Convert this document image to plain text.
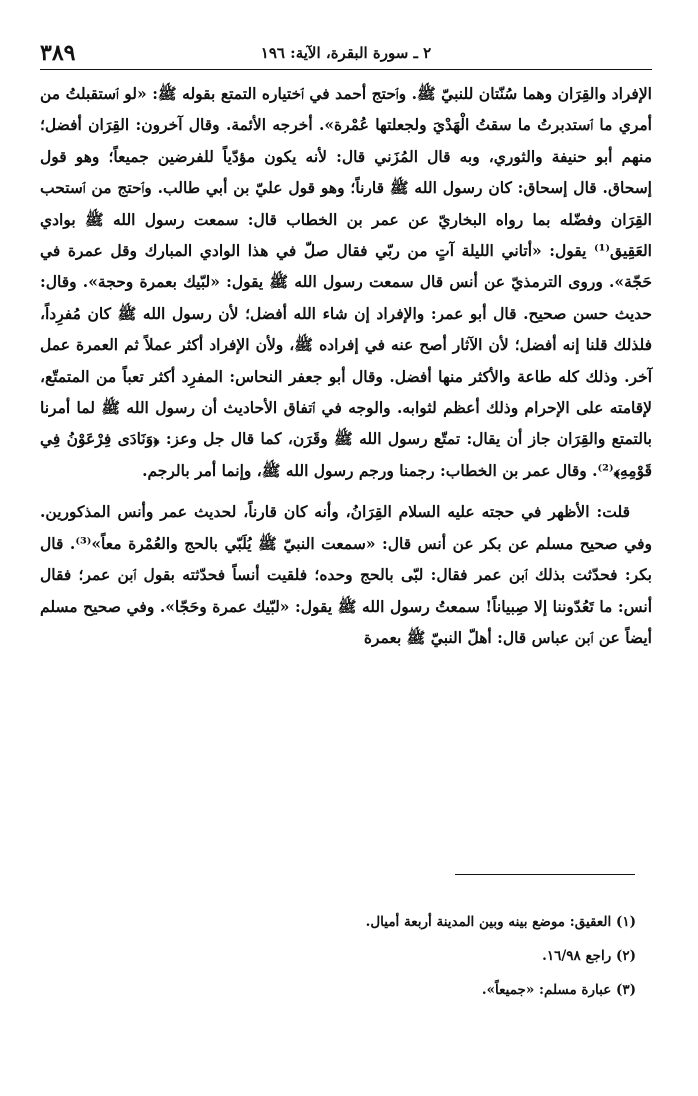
٢ ـ سورة البقرة، الآية: ١٩٦
٣٨٩

الإفراد والقِرَان وهما سُنّتان للنبيّ ﷺ. وٱحتج أحمد في ٱختياره التمتع بقوله ﷺ: «لو ٱستقبلتُ من أمري ما ٱستدبرتُ ما سقتُ الْهَدْيَ ولجعلتها عُمْرة». أخرجه الأئمة. وقال آخرون: القِرَان أفضل؛ منهم أبو حنيفة والثوري، وبه قال المُزَني قال: لأنه يكون مؤدّياً للفرضين جميعاً؛ وهو قول إسحاق. قال إسحاق: كان رسول الله ﷺ قارناً؛ وهو قول عليّ بن أبي طالب. وٱحتج من ٱستحب القِرَان وفضّله بما رواه البخاريّ عن عمر بن الخطاب قال: سمعت رسول الله ﷺ بوادي العَقِيق⁽¹⁾ يقول: «أتاني الليلة آتٍ من ربّي فقال صلّ في هذا الوادي المبارك وقل عمرة في حَجّة». وروى الترمذيّ عن أنس قال سمعت رسول الله ﷺ يقول: «لبّيك بعمرة وحجة». وقال: حديث حسن صحيح. قال أبو عمر: والإفراد إن شاء الله أفضل؛ لأن رسول الله ﷺ كان مُفرِداً، فلذلك قلنا إنه أفضل؛ لأن الآثار أصح عنه في إفراده ﷺ، ولأن الإفراد أكثر عملاً ثم العمرة عمل آخر. وذلك كله طاعة والأكثر منها أفضل. وقال أبو جعفر النحاس: المفرِد أكثر تعباً من المتمتّع، لإقامته على الإحرام وذلك أعظم لثوابه. والوجه في ٱتفاق الأحاديث أن رسول الله ﷺ لما أمرنا بالتمتع والقِرَان جاز أن يقال: تمتّع رسول الله ﷺ وقَرَن، كما قال جل وعز: ﴿وَنَادَى فِرْعَوْنُ فِي قَوْمِهِ﴾⁽²⁾. وقال عمر بن الخطاب: رجمنا ورجم رسول الله ﷺ، وإنما أمر بالرجم.

قلت: الأظهر في حجته عليه السلام القِرَانُ، وأنه كان قارناً، لحديث عمر وأنس المذكورين. وفي صحيح مسلم عن بكر عن أنس قال: «سمعت النبيّ ﷺ يُلَبّي بالحج والعُمْرة معاً»⁽³⁾. قال بكر: فحدّثت بذلك ٱبن عمر فقال: لبّى بالحج وحده؛ فلقيت أنساً فحدّثته بقول ٱبن عمر؛ فقال أنس: ما تَعُدّوننا إلا صِبياناً! سمعتُ رسول الله ﷺ يقول: «لبّيك عمرة وحَجّا». وفي صحيح مسلم أيضاً عن ٱبن عباس قال: أهلّ النبيّ ﷺ بعمرة

(١) العقيق: موضع بينه وبين المدينة أربعة أميال.

(٢) راجع ١٦/٩٨.

(٣) عبارة مسلم: «جميعاً».
